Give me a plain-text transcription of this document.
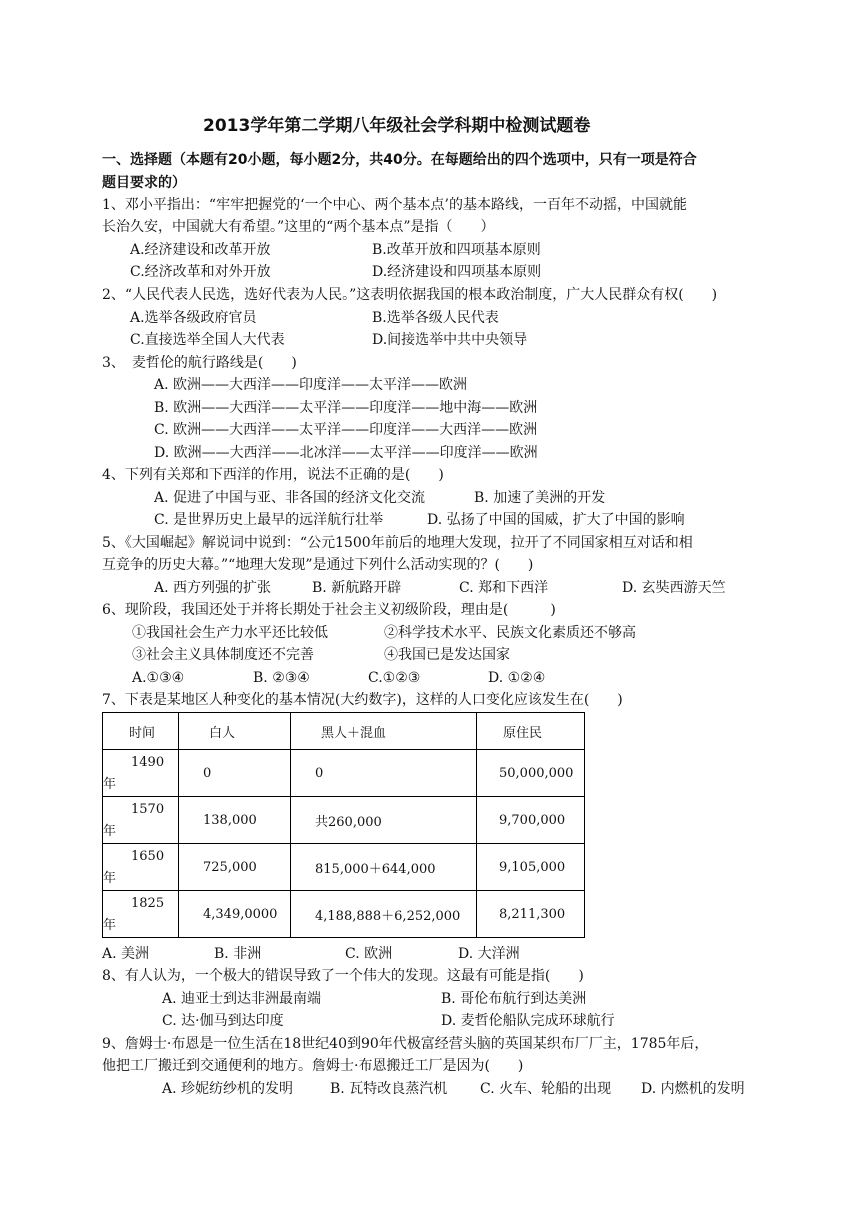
2013学年第二学期八年级社会学科期中检测试题卷
一、选择题（本题有20小题，每小题2分，共40分。在每题给出的四个选项中，只有一项是符合
题目要求的）
1、邓小平指出：“牢牢把握党的‘一个中心、两个基本点’的基本路线，一百年不动摇，中国就能
长治久安，中国就大有希望。”这里的“两个基本点”是指（　　）
A.经济建设和改革开放	B.改革开放和四项基本原则
C.经济改革和对外开放	D.经济建设和四项基本原则
2、“人民代表人民选，选好代表为人民。”这表明依据我国的根本政治制度，广大人民群众有权(　　)
A.选举各级政府官员	B.选举各级人民代表
C.直接选举全国人大代表	D.间接选举中共中央领导
3、　麦哲伦的航行路线是(　　)
A. 欧洲——大西洋——印度洋——太平洋——欧洲
B. 欧洲——大西洋——太平洋——印度洋——地中海——欧洲
C. 欧洲——大西洋——太平洋——印度洋——大西洋——欧洲
D. 欧洲——大西洋——北冰洋——太平洋——印度洋——欧洲
4、下列有关郑和下西洋的作用，说法不正确的是(　　)
A. 促进了中国与亚、非各国的经济文化交流	B. 加速了美洲的开发
C. 是世界历史上最早的远洋航行壮举	D. 弘扬了中国的国威，扩大了中国的影响
5、《大国崛起》解说词中说到：“公元1500年前后的地理大发现，拉开了不同国家相互对话和相
互竞争的历史大幕。”“地理大发现”是通过下列什么活动实现的？(　　)
A. 西方列强的扩张	B. 新航路开辟	C. 郑和下西洋	D. 玄奘西游天竺
6、现阶段，我国还处于并将长期处于社会主义初级阶段，理由是(　　　)
①我国社会生产力水平还比较低	②科学技术水平、民族文化素质还不够高
③社会主义具体制度还不完善	④我国已是发达国家
A.①③④	B. ②③④	C.①②③	D. ①②④
7、下表是某地区人种变化的基本情况(大约数字)，这样的人口变化应该发生在(　　)
时间	白人	黑人＋混血	原住民

1490
年	0	0	50,000,000

1570
年	138,000	共260,000	9,700,000

1650
年	725,000	815,000＋644,000	9,105,000

1825
年	4,349,0000	4,188,888＋6,252,000	8,211,300
A. 美洲	B. 非洲	C. 欧洲	D. 大洋洲
8、有人认为，一个极大的错误导致了一个伟大的发现。这最有可能是指(　　)
A. 迪亚士到达非洲最南端	B. 哥伦布航行到达美洲
C. 达·伽马到达印度	D. 麦哲伦船队完成环球航行
9、詹姆士·布恩是一位生活在18世纪40到90年代极富经营头脑的英国某织布厂厂主，1785年后，
他把工厂搬迁到交通便利的地方。詹姆士·布恩搬迁工厂是因为(　　)
A. 珍妮纺纱机的发明	B. 瓦特改良蒸汽机 C. 火车、轮船的出现 D. 内燃机的发明
